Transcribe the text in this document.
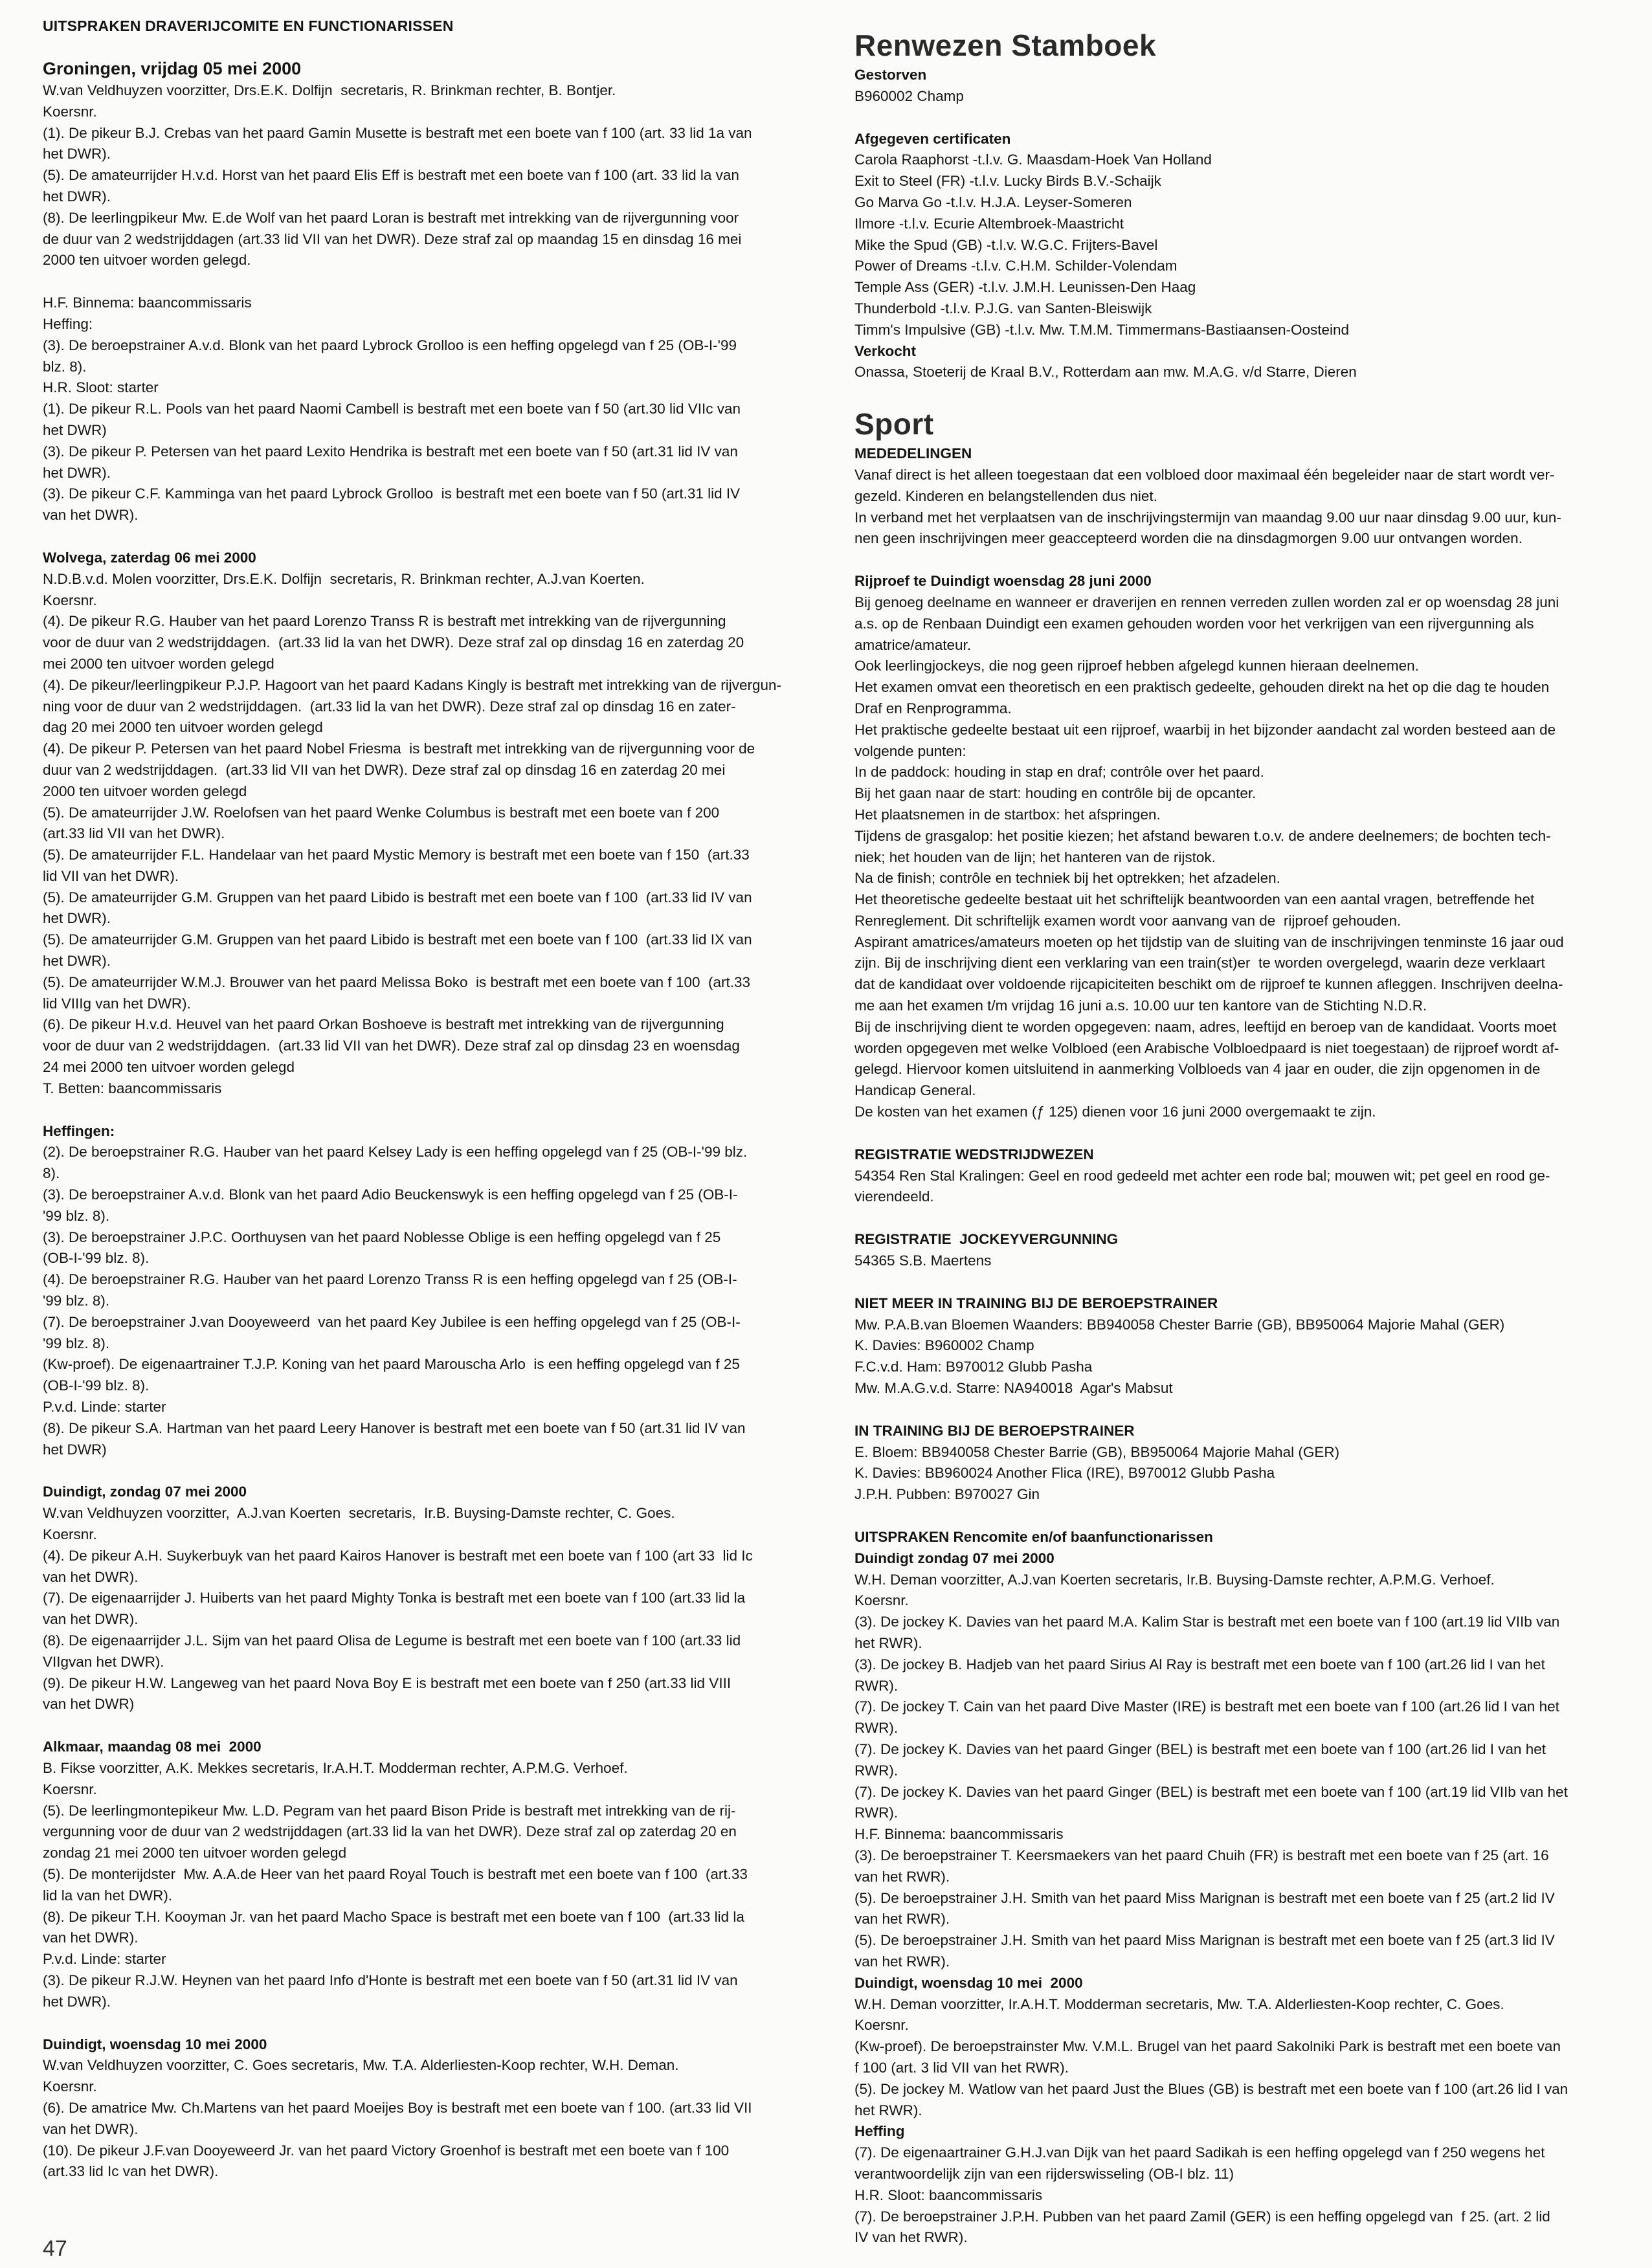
UITSPRAKEN DRAVERIJCOMITE EN FUNCTIONARISSEN
Groningen, vrijdag 05 mei 2000
W.van Veldhuyzen voorzitter, Drs.E.K. Dolfijn  secretaris, R. Brinkman rechter, B. Bontjer.
Koersnr.
(1). De pikeur B.J. Crebas van het paard Gamin Musette is bestraft met een boete van f 100 (art. 33 lid 1a van
het DWR).
(5). De amateurrijder H.v.d. Horst van het paard Elis Eff is bestraft met een boete van f 100 (art. 33 lid la van
het DWR).
(8). De leerlingpikeur Mw. E.de Wolf van het paard Loran is bestraft met intrekking van de rijvergunning voor
de duur van 2 wedstrijddagen (art.33 lid VII van het DWR). Deze straf zal op maandag 15 en dinsdag 16 mei
2000 ten uitvoer worden gelegd.
H.F. Binnema: baancommissaris
Heffing:
(3). De beroepstrainer A.v.d. Blonk van het paard Lybrock Grolloo is een heffing opgelegd van f 25 (OB-I-'99
blz. 8).
H.R. Sloot: starter
(1). De pikeur R.L. Pools van het paard Naomi Cambell is bestraft met een boete van f 50 (art.30 lid VIIc van
het DWR)
(3). De pikeur P. Petersen van het paard Lexito Hendrika is bestraft met een boete van f 50 (art.31 lid IV van
het DWR).
(3). De pikeur C.F. Kamminga van het paard Lybrock Grolloo  is bestraft met een boete van f 50 (art.31 lid IV
van het DWR).
Wolvega, zaterdag 06 mei 2000
N.D.B.v.d. Molen voorzitter, Drs.E.K. Dolfijn  secretaris, R. Brinkman rechter, A.J.van Koerten.
Koersnr.
(4). De pikeur R.G. Hauber van het paard Lorenzo Transs R is bestraft met intrekking van de rijvergunning
voor de duur van 2 wedstrijddagen.  (art.33 lid la van het DWR). Deze straf zal op dinsdag 16 en zaterdag 20
mei 2000 ten uitvoer worden gelegd
(4). De pikeur/leerlingpikeur P.J.P. Hagoort van het paard Kadans Kingly is bestraft met intrekking van de rijvergun-
ning voor de duur van 2 wedstrijddagen.  (art.33 lid la van het DWR). Deze straf zal op dinsdag 16 en zater-
dag 20 mei 2000 ten uitvoer worden gelegd
(4). De pikeur P. Petersen van het paard Nobel Friesma  is bestraft met intrekking van de rijvergunning voor de
duur van 2 wedstrijddagen.  (art.33 lid VII van het DWR). Deze straf zal op dinsdag 16 en zaterdag 20 mei
2000 ten uitvoer worden gelegd
(5). De amateurrijder J.W. Roelofsen van het paard Wenke Columbus is bestraft met een boete van f 200
(art.33 lid VII van het DWR).
(5). De amateurrijder F.L. Handelaar van het paard Mystic Memory is bestraft met een boete van f 150  (art.33
lid VII van het DWR).
(5). De amateurrijder G.M. Gruppen van het paard Libido is bestraft met een boete van f 100  (art.33 lid IV van
het DWR).
(5). De amateurrijder G.M. Gruppen van het paard Libido is bestraft met een boete van f 100  (art.33 lid IX van
het DWR).
(5). De amateurrijder W.M.J. Brouwer van het paard Melissa Boko  is bestraft met een boete van f 100  (art.33
lid VIIIg van het DWR).
(6). De pikeur H.v.d. Heuvel van het paard Orkan Boshoeve is bestraft met intrekking van de rijvergunning
voor de duur van 2 wedstrijddagen.  (art.33 lid VII van het DWR). Deze straf zal op dinsdag 23 en woensdag
24 mei 2000 ten uitvoer worden gelegd
T. Betten: baancommissaris
Heffingen:
(2). De beroepstrainer R.G. Hauber van het paard Kelsey Lady is een heffing opgelegd van f 25 (OB-I-'99 blz.
8).
(3). De beroepstrainer A.v.d. Blonk van het paard Adio Beuckenswyk is een heffing opgelegd van f 25 (OB-I-
'99 blz. 8).
(3). De beroepstrainer J.P.C. Oorthuysen van het paard Noblesse Oblige is een heffing opgelegd van f 25
(OB-I-'99 blz. 8).
(4). De beroepstrainer R.G. Hauber van het paard Lorenzo Transs R is een heffing opgelegd van f 25 (OB-I-
'99 blz. 8).
(7). De beroepstrainer J.van Dooyeweerd  van het paard Key Jubilee is een heffing opgelegd van f 25 (OB-I-
'99 blz. 8).
(Kw-proef). De eigenaartrainer T.J.P. Koning van het paard Marouscha Arlo  is een heffing opgelegd van f 25
(OB-I-'99 blz. 8).
P.v.d. Linde: starter
(8). De pikeur S.A. Hartman van het paard Leery Hanover is bestraft met een boete van f 50 (art.31 lid IV van
het DWR)
Duindigt, zondag 07 mei 2000
W.van Veldhuyzen voorzitter,  A.J.van Koerten  secretaris,  Ir.B. Buysing-Damste rechter, C. Goes.
Koersnr.
(4). De pikeur A.H. Suykerbuyk van het paard Kairos Hanover is bestraft met een boete van f 100 (art 33  lid Ic
van het DWR).
(7). De eigenaarrijder J. Huiberts van het paard Mighty Tonka is bestraft met een boete van f 100 (art.33 lid la
van het DWR).
(8). De eigenaarrijder J.L. Sijm van het paard Olisa de Legume is bestraft met een boete van f 100 (art.33 lid
VIIgvan het DWR).
(9). De pikeur H.W. Langeweg van het paard Nova Boy E is bestraft met een boete van f 250 (art.33 lid VIII
van het DWR)
Alkmaar, maandag 08 mei  2000
B. Fikse voorzitter, A.K. Mekkes secretaris, Ir.A.H.T. Modderman rechter, A.P.M.G. Verhoef.
Koersnr.
(5). De leerlingmontepikeur Mw. L.D. Pegram van het paard Bison Pride is bestraft met intrekking van de rij-
vergunning voor de duur van 2 wedstrijddagen (art.33 lid la van het DWR). Deze straf zal op zaterdag 20 en
zondag 21 mei 2000 ten uitvoer worden gelegd
(5). De monterijdster  Mw. A.A.de Heer van het paard Royal Touch is bestraft met een boete van f 100  (art.33
lid la van het DWR).
(8). De pikeur T.H. Kooyman Jr. van het paard Macho Space is bestraft met een boete van f 100  (art.33 lid la
van het DWR).
P.v.d. Linde: starter
(3). De pikeur R.J.W. Heynen van het paard Info d'Honte is bestraft met een boete van f 50 (art.31 lid IV van
het DWR).
Duindigt, woensdag 10 mei 2000
W.van Veldhuyzen voorzitter, C. Goes secretaris, Mw. T.A. Alderliesten-Koop rechter, W.H. Deman.
Koersnr.
(6). De amatrice Mw. Ch.Martens van het paard Moeijes Boy is bestraft met een boete van f 100. (art.33 lid VII
van het DWR).
(10). De pikeur J.F.van Dooyeweerd Jr. van het paard Victory Groenhof is bestraft met een boete van f 100
(art.33 lid Ic van het DWR).
Renwezen Stamboek
Gestorven
B960002 Champ
Afgegeven certificaten
Carola Raaphorst -t.l.v. G. Maasdam-Hoek Van Holland
Exit to Steel (FR) -t.l.v. Lucky Birds B.V.-Schaijk
Go Marva Go -t.l.v. H.J.A. Leyser-Someren
Ilmore -t.l.v. Ecurie Altembroek-Maastricht
Mike the Spud (GB) -t.l.v. W.G.C. Frijters-Bavel
Power of Dreams -t.l.v. C.H.M. Schilder-Volendam
Temple Ass (GER) -t.l.v. J.M.H. Leunissen-Den Haag
Thunderbold -t.l.v. P.J.G. van Santen-Bleiswijk
Timm's Impulsive (GB) -t.l.v. Mw. T.M.M. Timmermans-Bastiaansen-Oosteind
Verkocht
Onassa, Stoeterij de Kraal B.V., Rotterdam aan mw. M.A.G. v/d Starre, Dieren
Sport
MEDEDELINGEN
Vanaf direct is het alleen toegestaan dat een volbloed door maximaal één begeleider naar de start wordt ver-
gezeld. Kinderen en belangstellenden dus niet.
In verband met het verplaatsen van de inschrijvingstermijn van maandag 9.00 uur naar dinsdag 9.00 uur, kun-
nen geen inschrijvingen meer geaccepteerd worden die na dinsdagmorgen 9.00 uur ontvangen worden.
Rijproef te Duindigt woensdag 28 juni 2000
Bij genoeg deelname en wanneer er draverijen en rennen verreden zullen worden zal er op woensdag 28 juni
a.s. op de Renbaan Duindigt een examen gehouden worden voor het verkrijgen van een rijvergunning als
amatrice/amateur.
Ook leerlingjockeys, die nog geen rijproef hebben afgelegd kunnen hieraan deelnemen.
Het examen omvat een theoretisch en een praktisch gedeelte, gehouden direkt na het op die dag te houden
Draf en Renprogramma.
Het praktische gedeelte bestaat uit een rijproef, waarbij in het bijzonder aandacht zal worden besteed aan de
volgende punten:
In de paddock: houding in stap en draf; contrôle over het paard.
Bij het gaan naar de start: houding en contrôle bij de opcanter.
Het plaatsnemen in de startbox: het afspringen.
Tijdens de grasgalop: het positie kiezen; het afstand bewaren t.o.v. de andere deelnemers; de bochten tech-
niek; het houden van de lijn; het hanteren van de rijstok.
Na de finish; contrôle en techniek bij het optrekken; het afzadelen.
Het theoretische gedeelte bestaat uit het schriftelijk beantwoorden van een aantal vragen, betreffende het
Renreglement. Dit schriftelijk examen wordt voor aanvang van de  rijproef gehouden.
Aspirant amatrices/amateurs moeten op het tijdstip van de sluiting van de inschrijvingen tenminste 16 jaar oud
zijn. Bij de inschrijving dient een verklaring van een train(st)er  te worden overgelegd, waarin deze verklaart
dat de kandidaat over voldoende rijcapiciteiten beschikt om de rijproef te kunnen afleggen. Inschrijven deelna-
me aan het examen t/m vrijdag 16 juni a.s. 10.00 uur ten kantore van de Stichting N.D.R.
Bij de inschrijving dient te worden opgegeven: naam, adres, leeftijd en beroep van de kandidaat. Voorts moet
worden opgegeven met welke Volbloed (een Arabische Volbloedpaard is niet toegestaan) de rijproef wordt af-
gelegd. Hiervoor komen uitsluitend in aanmerking Volbloeds van 4 jaar en ouder, die zijn opgenomen in de
Handicap General.
De kosten van het examen (ƒ 125) dienen voor 16 juni 2000 overgemaakt te zijn.
REGISTRATIE WEDSTRIJDWEZEN
54354 Ren Stal Kralingen: Geel en rood gedeeld met achter een rode bal; mouwen wit; pet geel en rood ge-
vierendeeld.
REGISTRATIE  JOCKEYVERGUNNING
54365 S.B. Maertens
NIET MEER IN TRAINING BIJ DE BEROEPSTRAINER
Mw. P.A.B.van Bloemen Waanders: BB940058 Chester Barrie (GB), BB950064 Majorie Mahal (GER)
K. Davies: B960002 Champ
F.C.v.d. Ham: B970012 Glubb Pasha
Mw. M.A.G.v.d. Starre: NA940018  Agar's Mabsut
IN TRAINING BIJ DE BEROEPSTRAINER
E. Bloem: BB940058 Chester Barrie (GB), BB950064 Majorie Mahal (GER)
K. Davies: BB960024 Another Flica (IRE), B970012 Glubb Pasha
J.P.H. Pubben: B970027 Gin
UITSPRAKEN Rencomite en/of baanfunctionarissen
Duindigt zondag 07 mei 2000
W.H. Deman voorzitter, A.J.van Koerten secretaris, Ir.B. Buysing-Damste rechter, A.P.M.G. Verhoef.
Koersnr.
(3). De jockey K. Davies van het paard M.A. Kalim Star is bestraft met een boete van f 100 (art.19 lid VIIb van
het RWR).
(3). De jockey B. Hadjeb van het paard Sirius Al Ray is bestraft met een boete van f 100 (art.26 lid I van het
RWR).
(7). De jockey T. Cain van het paard Dive Master (IRE) is bestraft met een boete van f 100 (art.26 lid I van het
RWR).
(7). De jockey K. Davies van het paard Ginger (BEL) is bestraft met een boete van f 100 (art.26 lid I van het
RWR).
(7). De jockey K. Davies van het paard Ginger (BEL) is bestraft met een boete van f 100 (art.19 lid VIIb van het
RWR).
H.F. Binnema: baancommissaris
(3). De beroepstrainer T. Keersmaekers van het paard Chuih (FR) is bestraft met een boete van f 25 (art. 16
van het RWR).
(5). De beroepstrainer J.H. Smith van het paard Miss Marignan is bestraft met een boete van f 25 (art.2 lid IV
van het RWR).
(5). De beroepstrainer J.H. Smith van het paard Miss Marignan is bestraft met een boete van f 25 (art.3 lid IV
van het RWR).
Duindigt, woensdag 10 mei  2000
W.H. Deman voorzitter, Ir.A.H.T. Modderman secretaris, Mw. T.A. Alderliesten-Koop rechter, C. Goes.
Koersnr.
(Kw-proef). De beroepstrainster Mw. V.M.L. Brugel van het paard Sakolniki Park is bestraft met een boete van
f 100 (art. 3 lid VII van het RWR).
(5). De jockey M. Watlow van het paard Just the Blues (GB) is bestraft met een boete van f 100 (art.26 lid I van
het RWR).
Heffing
(7). De eigenaartrainer G.H.J.van Dijk van het paard Sadikah is een heffing opgelegd van f 250 wegens het
verantwoordelijk zijn van een rijderswisseling (OB-I blz. 11)
H.R. Sloot: baancommissaris
(7). De beroepstrainer J.P.H. Pubben van het paard Zamil (GER) is een heffing opgelegd van  f 25. (art. 2 lid
IV van het RWR).
47
